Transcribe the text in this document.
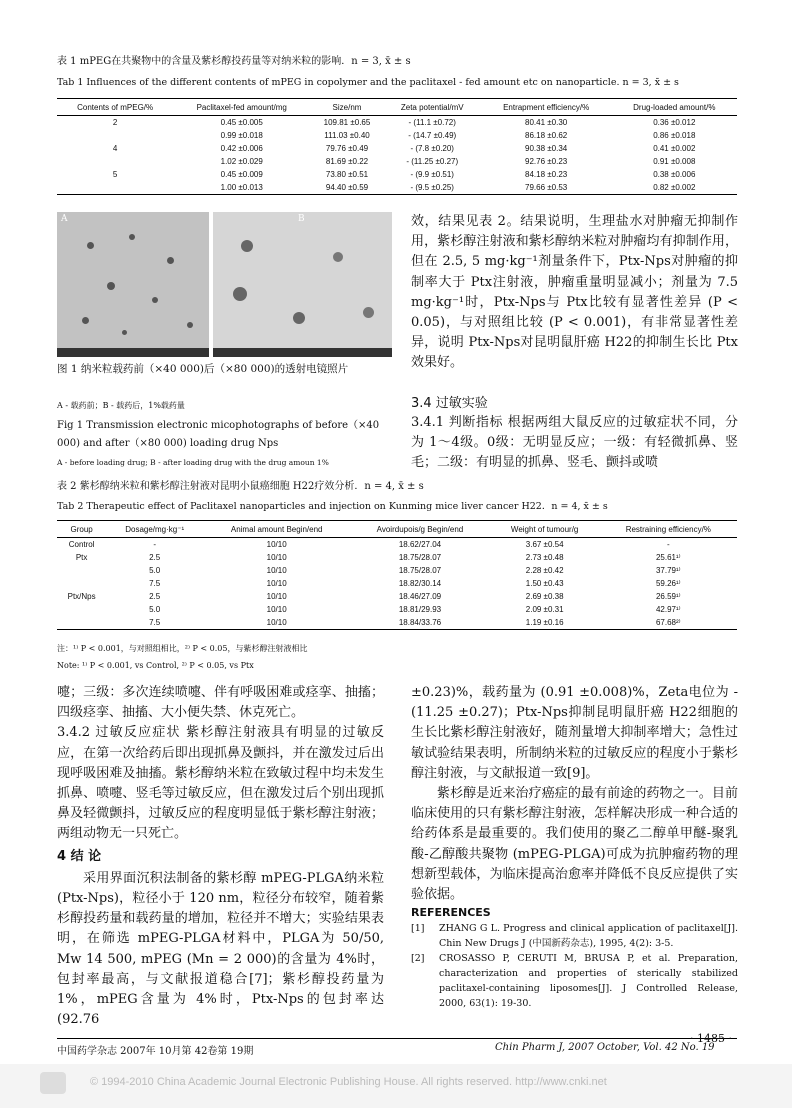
表 1 mPEG在共聚物中的含量及紫杉醇投药量等对纳米粒的影响．n = 3, x̄ ± s
Tab 1 Influences of the different contents of mPEG in copolymer and the paclitaxel - fed amount etc on nanoparticle. n = 3, x̄ ± s
Contents of mPEG/%	Paclitaxel-fed amount/mg	Size/nm	Zeta potential/mV	Entrapment efficiency/%	Drug-loaded amount/%
2	0.45 ±0.005	109.81 ±0.65	- (11.1 ±0.72)	80.41 ±0.30	0.36 ±0.012
	0.99 ±0.018	111.03 ±0.40	- (14.7 ±0.49)	86.18 ±0.62	0.86 ±0.018
4	0.42 ±0.006	79.76 ±0.49	- (7.8 ±0.20)	90.38 ±0.34	0.41 ±0.002
	1.02 ±0.029	81.69 ±0.22	- (11.25 ±0.27)	92.76 ±0.23	0.91 ±0.008
5	0.45 ±0.009	73.80 ±0.51	- (9.9 ±0.51)	84.18 ±0.23	0.38 ±0.006
	1.00 ±0.013	94.40 ±0.59	- (9.5 ±0.25)	79.66 ±0.53	0.82 ±0.002
A	B
图 1 纳米粒载药前（×40 000)后（×80 000)的透射电镜照片
A - 载药前；B - 载药后，1%载药量
Fig 1 Transmission electronic micophotographs of before（×40 000) and after（×80 000) loading drug Nps
A - before loading drug; B - after loading drug with the drug amoun 1%
效，结果见表 2。结果说明，生理盐水对肿瘤无抑制作用，紫杉醇注射液和紫杉醇纳米粒对肿瘤均有抑制作用，但在 2.5, 5 mg·kg⁻¹剂量条件下，Ptx-Nps对肿瘤的抑制率大于 Ptx注射液，肿瘤重量明显减小；剂量为 7.5 mg·kg⁻¹时，Ptx-Nps与 Ptx比较有显著性差异 (P < 0.05)，与对照组比较 (P < 0.001)，有非常显著性差异，说明 Ptx-Nps对昆明鼠肝癌 H22的抑制生长比 Ptx效果好。
3.4 过敏实验
3.4.1 判断指标 根据两组大鼠反应的过敏症状不同，分为 1～4级。0级：无明显反应；一级：有轻微抓鼻、竖毛；二级：有明显的抓鼻、竖毛、颤抖或喷
表 2 紫杉醇纳米粒和紫杉醇注射液对昆明小鼠癌细胞 H22疗效分析．n = 4, x̄ ± s
Tab 2 Therapeutic effect of Paclitaxel nanoparticles and injection on Kunming mice liver cancer H22．n = 4, x̄ ± s
Group	Dosage/mg·kg⁻¹	Animal amount Begin/end	Avoirdupois/g Begin/end	Weight of tumour/g	Restraining efficiency/%
Control	-	10/10	18.62/27.04	3.67 ±0.54	-
Ptx	2.5	10/10	18.75/28.07	2.73 ±0.48	25.61¹⁾
	5.0	10/10	18.75/28.07	2.28 ±0.42	37.79¹⁾
	7.5	10/10	18.82/30.14	1.50 ±0.43	59.26¹⁾
Ptx/Nps	2.5	10/10	18.46/27.09	2.69 ±0.38	26.59¹⁾
	5.0	10/10	18.81/29.93	2.09 ±0.31	42.97¹⁾
	7.5	10/10	18.84/33.76	1.19 ±0.16	67.68²⁾
注：¹⁾ P < 0.001，与对照组相比，²⁾ P < 0.05，与紫杉醇注射液相比
Note: ¹⁾ P < 0.001, vs Control, ²⁾ P < 0.05, vs Ptx

嚏；三级：多次连续喷嚏、伴有呼吸困难或痉挛、抽搐；四级痉挛、抽搐、大小便失禁、休克死亡。

3.4.2 过敏反应症状 紫杉醇注射液具有明显的过敏反应，在第一次给药后即出现抓鼻及颤抖，并在激发过后出现呼吸困难及抽搐。紫杉醇纳米粒在致敏过程中均未发生抓鼻、喷嚏、竖毛等过敏反应，但在激发过后个别出现抓鼻及轻微颤抖，过敏反应的程度明显低于紫杉醇注射液；两组动物无一只死亡。

4 结 论

采用界面沉积法制备的紫杉醇 mPEG-PLGA纳米粒 (Ptx-Nps)，粒径小于 120 nm，粒径分布较窄，随着紫杉醇投药量和载药量的增加，粒径并不增大；实验结果表明，在筛选 mPEG-PLGA材料中，PLGA为 50/50, Mw 14 500, mPEG (Mn = 2 000)的含量为 4%时，包封率最高，与文献报道稳合[7]；紫杉醇投药量为 1%，mPEG含量为 4%时，Ptx-Nps的包封率达 (92.76

±0.23)%，载药量为 (0.91 ±0.008)%，Zeta电位为 - (11.25 ±0.27)；Ptx-Nps抑制昆明鼠肝癌 H22细胞的生长比紫杉醇注射液好，随剂量增大抑制率增大；急性过敏试验结果表明，所制纳米粒的过敏反应的程度小于紫杉醇注射液，与文献报道一致[9]。

紫杉醇是近来治疗癌症的最有前途的药物之一。目前临床使用的只有紫杉醇注射液，怎样解决形成一种合适的给药体系是最重要的。我们使用的聚乙二醇单甲醚-聚乳酸-乙醇酸共聚物 (mPEG-PLGA)可成为抗肿瘤药物的理想新型载体，为临床提高治愈率并降低不良反应提供了实验依据。

REFERENCES
[1]	ZHANG G L. Progress and clinical application of paclitaxel[J]. Chin New Drugs J (中国新药杂志), 1995, 4(2): 3-5.
[2]	CROSASSO P, CERUTI M, BRUSA P, et al. Preparation, characterization and properties of sterically stabilized paclitaxel-containing liposomes[J]. J Controlled Release, 2000, 63(1): 19-30.
中国药学杂志 2007年 10月第 42卷第 19期	Chin Pharm J, 2007 October, Vol. 42 No. 19
· 1485 ·
© 1994-2010 China Academic Journal Electronic Publishing House. All rights reserved. http://www.cnki.net
